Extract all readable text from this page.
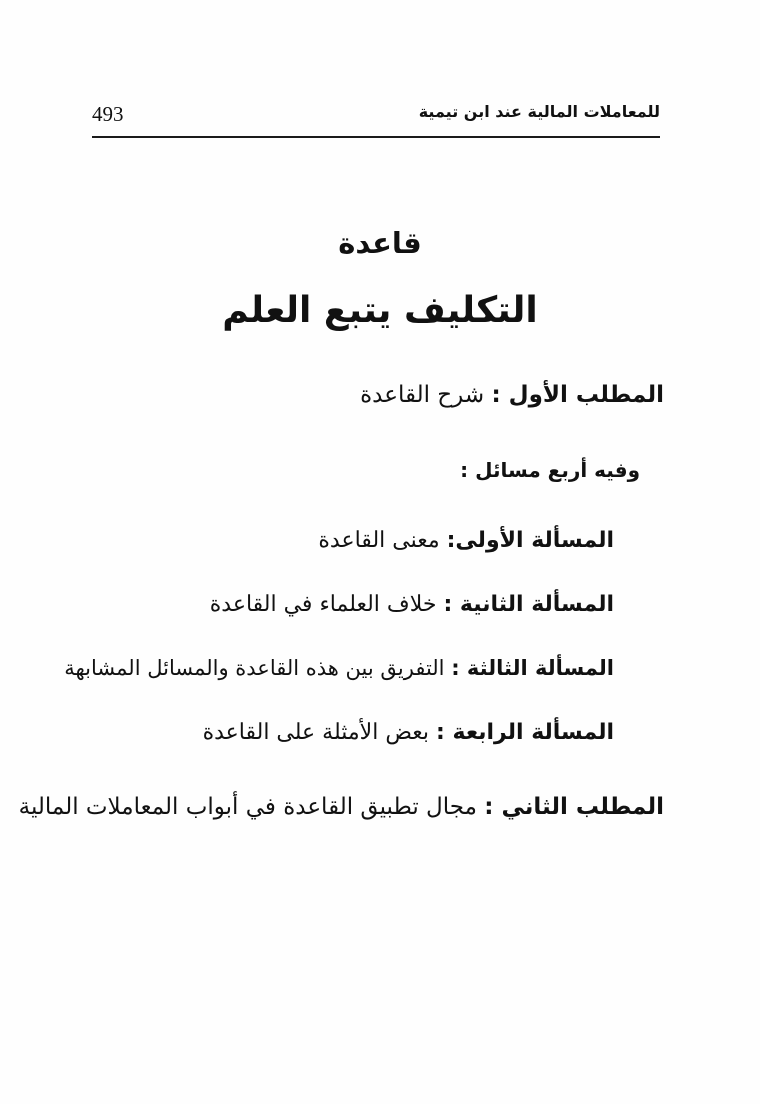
493	للمعاملات المالية عند ابن تيمية
قاعدة
التكليف يتبع العلم
المطلب الأول : شرح القاعدة
وفيه أربع مسائل :
المسألة الأولى: معنى القاعدة
المسألة الثانية : خلاف العلماء في القاعدة
المسألة الثالثة : التفريق بين هذه القاعدة والمسائل المشابهة
المسألة الرابعة : بعض الأمثلة على القاعدة
المطلب الثاني : مجال تطبيق القاعدة في أبواب المعاملات المالية
